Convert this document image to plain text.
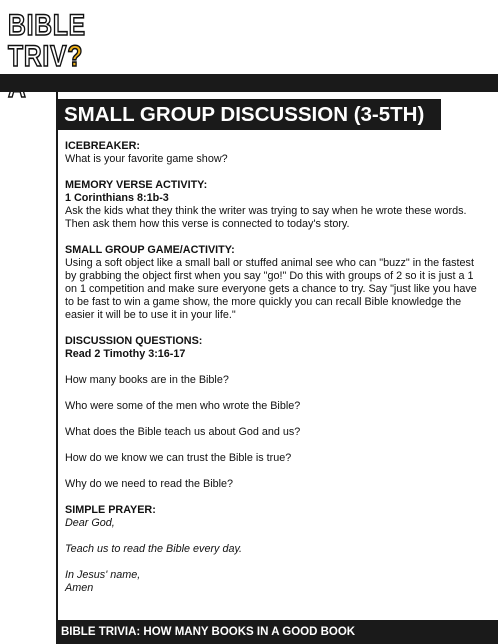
BIBLE
TRIV?
SMALL GROUP DISCUSSION (3-5TH)

ICEBREAKER:

What is your favorite game show?

MEMORY VERSE ACTIVITY:

1 Corinthians 8:1b-3

Ask the kids what they think the writer was trying to say when he wrote these words.

Then ask them how this verse is connected to today's story.

SMALL GROUP GAME/ACTIVITY:

Using a soft object like a small ball or stuffed animal see who can "buzz" in the fastest

by grabbing the object first when you say "go!" Do this with groups of 2 so it is just a 1

on 1 competition and make sure everyone gets a chance to try. Say "just like you have

to be fast to win a game show, the more quickly you can recall Bible knowledge the

easier it will be to use it in your life."

DISCUSSION QUESTIONS:

Read 2 Timothy 3:16-17

How many books are in the Bible?

Who were some of the men who wrote the Bible?

What does the Bible teach us about God and us?

How do we know we can trust the Bible is true?

Why do we need to read the Bible?

SIMPLE PRAYER:

Dear God,

Teach us to read the Bible every day.

In Jesus' name,

Amen

BIBLE TRIVIA: HOW MANY BOOKS IN A GOOD BOOK
